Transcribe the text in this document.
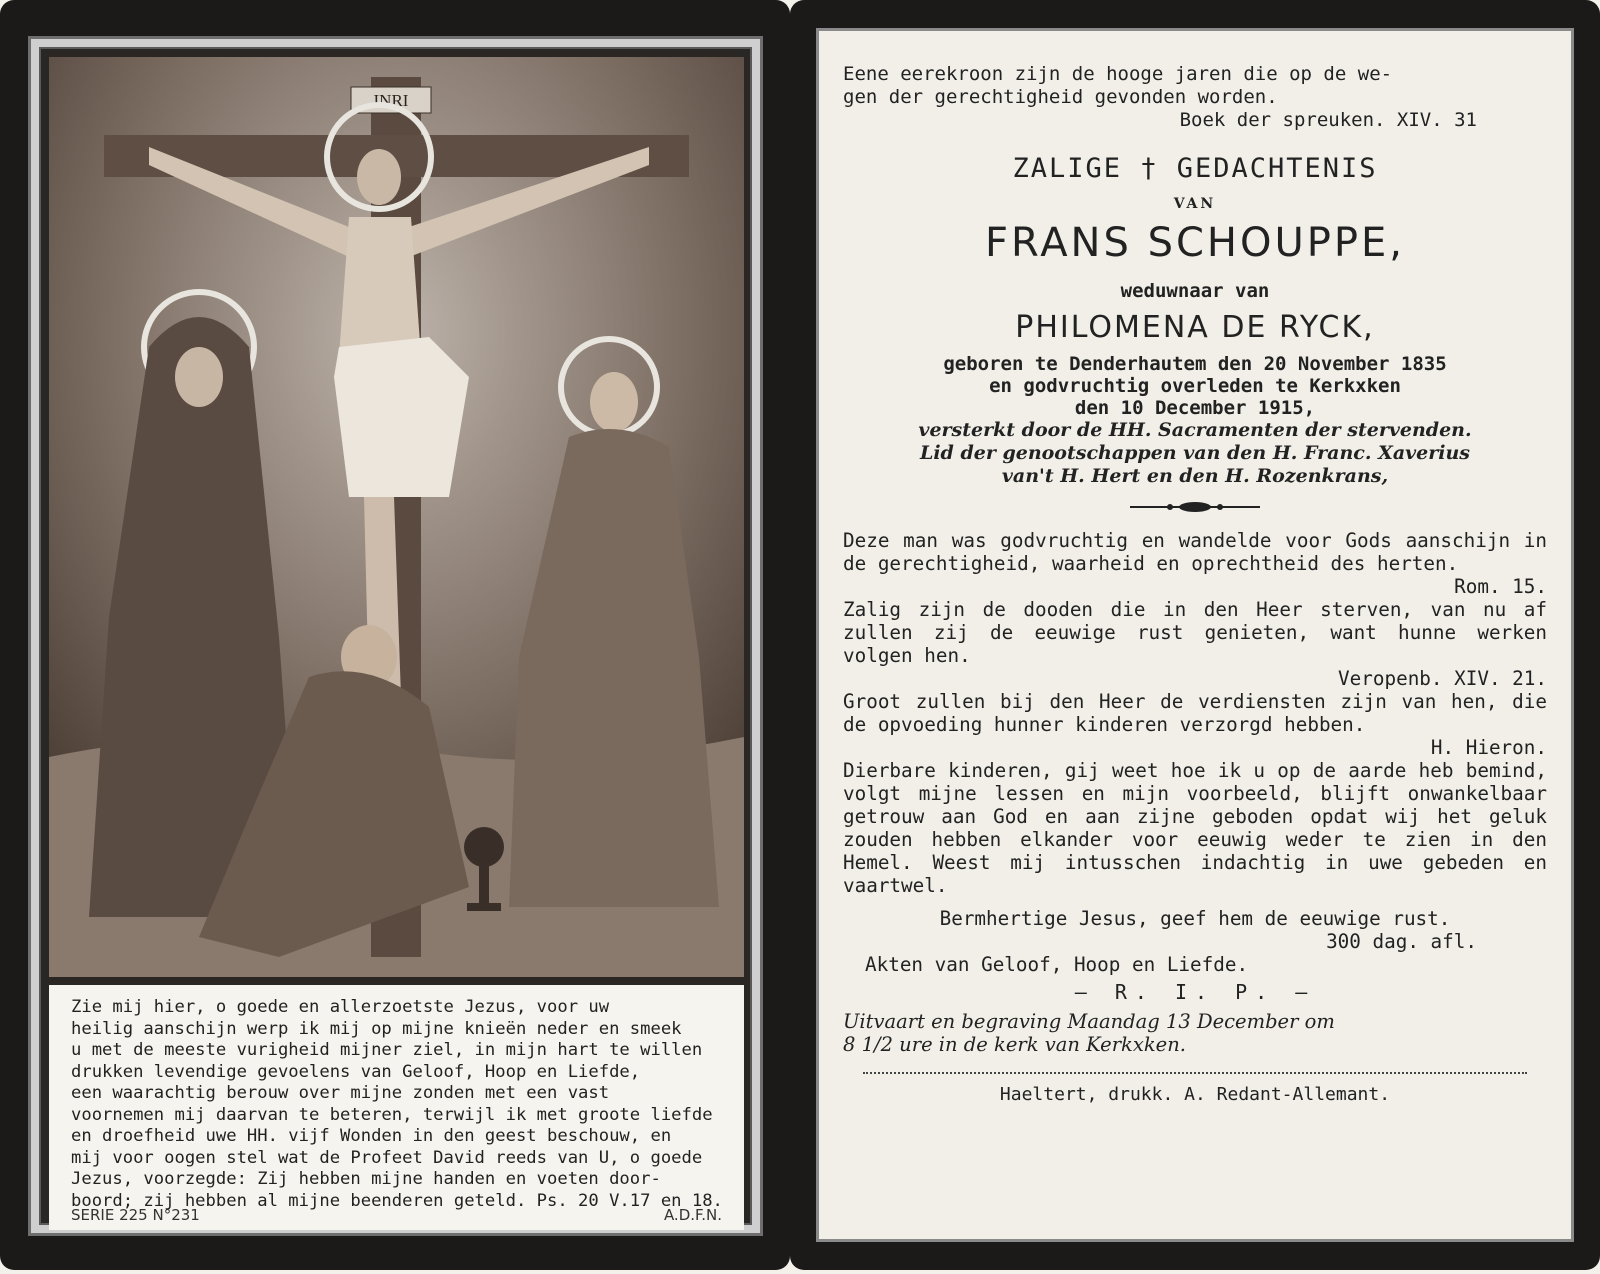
INRI

Zie mij hier, o goede en allerzoetste Jezus, voor uw
heilig aanschijn werp ik mij op mijne knieën neder en smeek
u met de meeste vurigheid mijner ziel, in mijn hart te willen
drukken levendige gevoelens van Geloof, Hoop en Liefde,
een waarachtig berouw over mijne zonden met een vast
voornemen mij daarvan te beteren, terwijl ik met groote liefde
en droefheid uwe HH. vijf Wonden in den geest beschouw, en
mij voor oogen stel wat de Profeet David reeds van U, o goede
Jezus, voorzegde: Zij hebben mijne handen en voeten door-
boord; zij hebben al mijne beenderen geteld. Ps. 20 V.17 en 18.

SERIE 225 N°231	A.D.F.N.
Eene eerekroon zijn de hooge jaren die op de we-
gen der gerechtigheid gevonden worden.
Boek der spreuken. XIV. 31
ZALIGE † GEDACHTENIS
VAN
FRANS SCHOUPPE,
weduwnaar van
PHILOMENA DE RYCK,
geboren te Denderhautem den 20 November 1835
en godvruchtig overleden te Kerkxken
den 10 December 1915,
versterkt door de HH. Sacramenten der stervenden.
Lid der genootschappen van den H. Franc. Xaverius
van't H. Hert en den H. Rozenkrans,
Deze man was godvruchtig en wandelde voor Gods aanschijn in de gerechtigheid, waarheid en oprechtheid des herten.
Rom. 15.
Zalig zijn de dooden die in den Heer sterven, van nu af zullen zij de eeuwige rust genieten, want hunne werken volgen hen.
Veropenb. XIV. 21.
Groot zullen bij den Heer de verdiensten zijn van hen, die de opvoeding hunner kinderen verzorgd hebben.
H. Hieron.
Dierbare kinderen, gij weet hoe ik u op de aarde heb bemind, volgt mijne lessen en mijn voorbeeld, blijft onwankelbaar getrouw aan God en aan zijne geboden opdat wij het geluk zouden hebben elkander voor eeuwig weder te zien in den Hemel. Weest mij intusschen indachtig in uwe gebeden en vaartwel.
Bermhertige Jesus, geef hem de eeuwige rust.
300 dag. afl.
Akten van Geloof, Hoop en Liefde.
— R. I. P. —
Uitvaart en begraving Maandag 13 December om
8 1/2 ure in de kerk van Kerkxken.
Haeltert, drukk. A. Redant-Allemant.
